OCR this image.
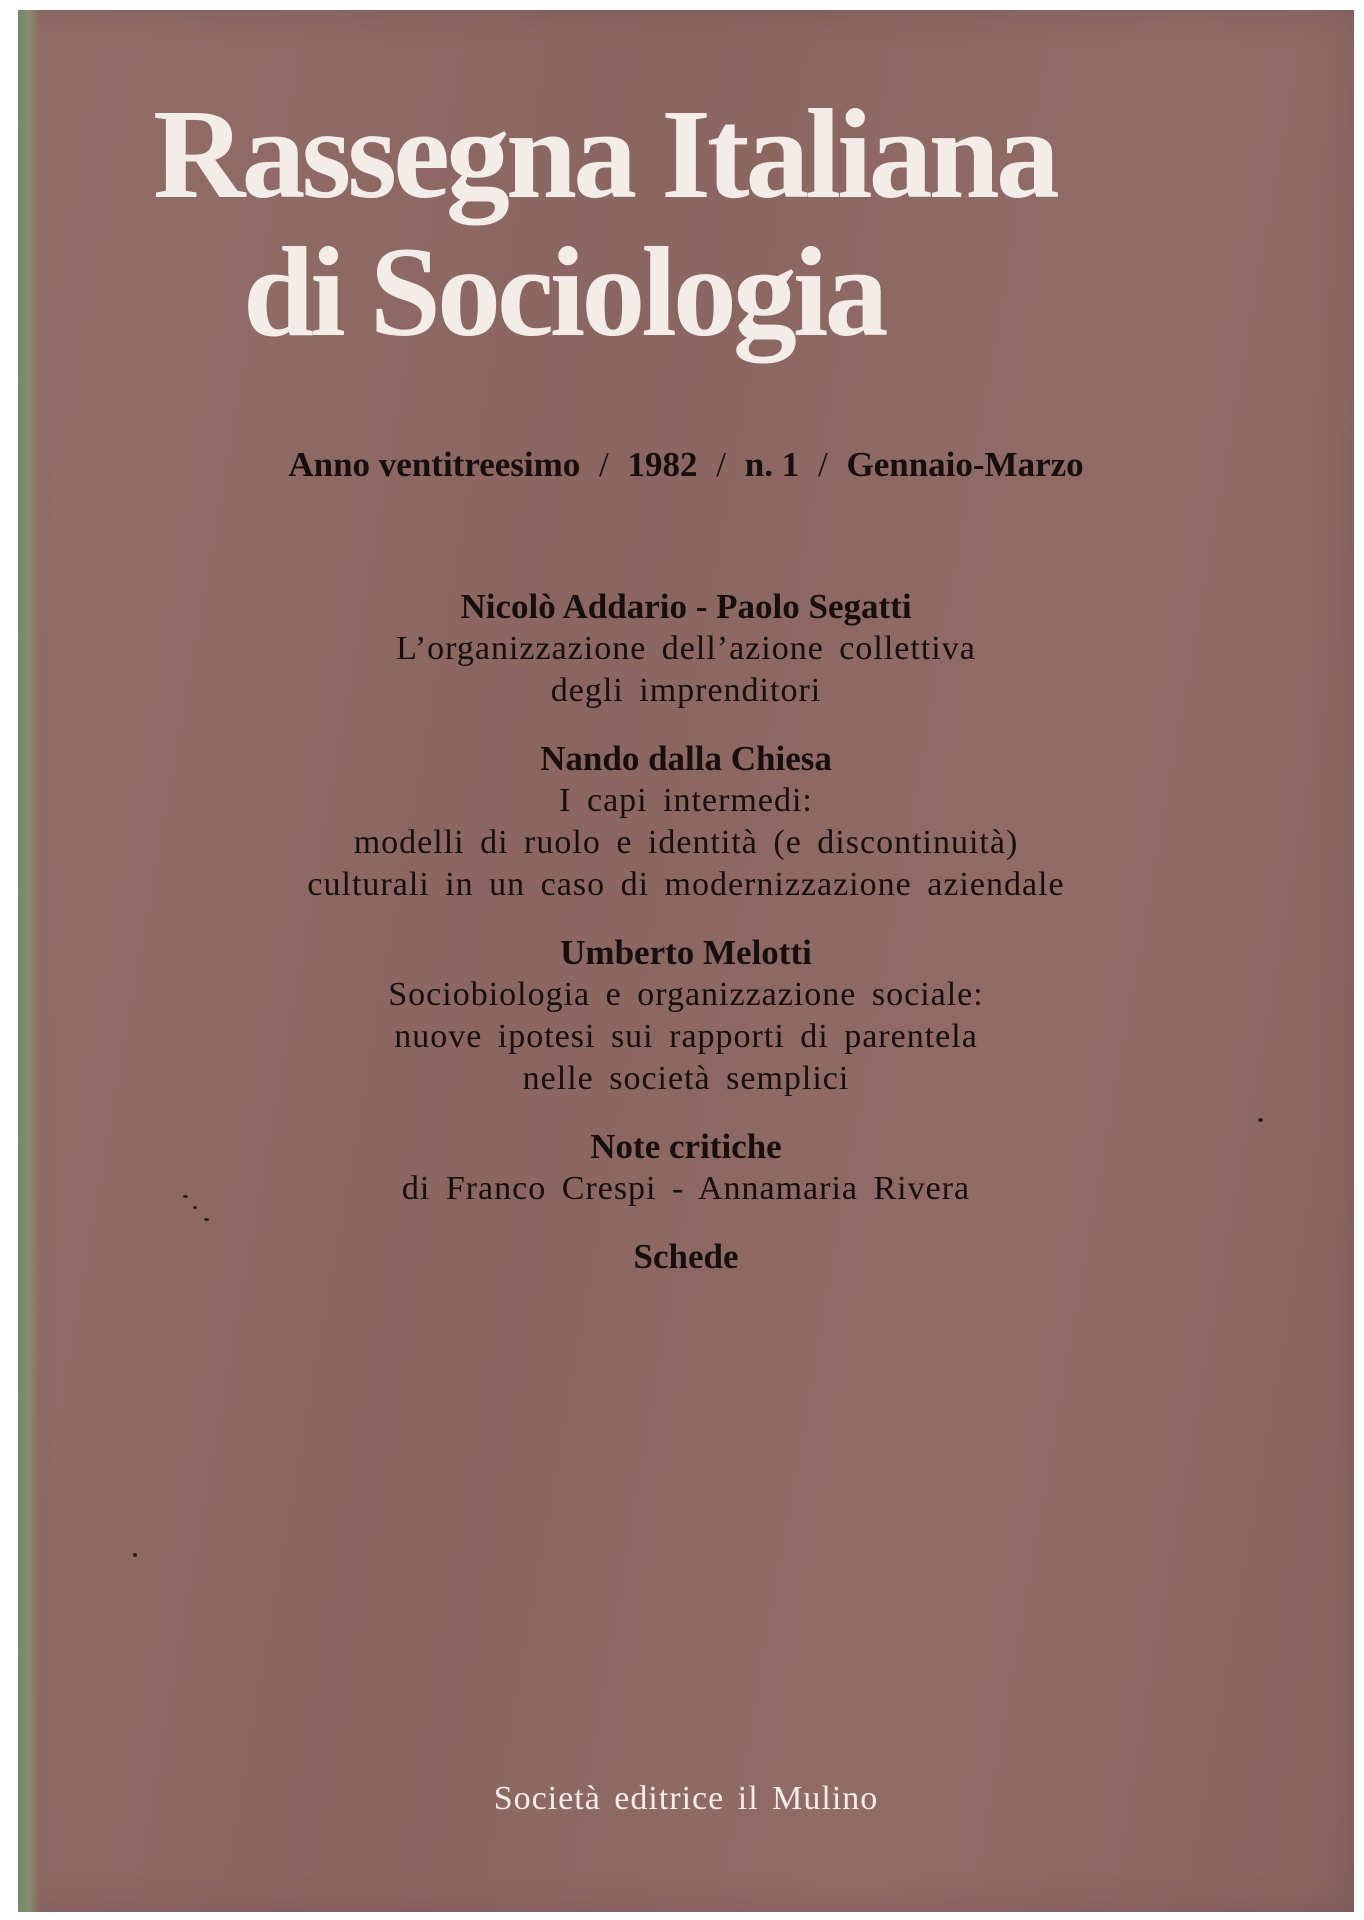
Rassegna Italiana
di Sociologia
Anno ventitreesimo / 1982 / n. 1 / Gennaio-Marzo
Nicolò Addario - Paolo Segatti
L’organizzazione dell’azione collettiva
degli imprenditori
Nando dalla Chiesa
I capi intermedi:
modelli di ruolo e identità (e discontinuità)
culturali in un caso di modernizzazione aziendale
Umberto Melotti
Sociobiologia e organizzazione sociale:
nuove ipotesi sui rapporti di parentela
nelle società semplici
Note critiche
di Franco Crespi - Annamaria Rivera
Schede
Società editrice il Mulino
